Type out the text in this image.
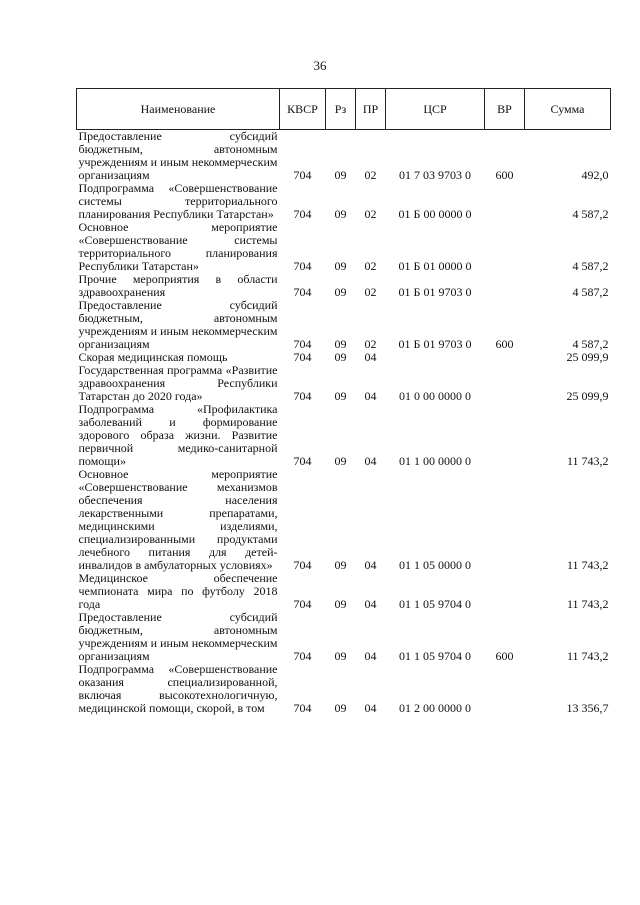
36
Наименование	КВСР	Рз	ПР	ЦСР	ВР	Сумма
Предоставление субсидий бюджетным, автономным учреждениям и иным некоммерческим организациям	704	09	02	01 7 03 9703 0	600	492,0
Подпрограмма «Совершенствование системы территориального планирования Республики Татарстан»	704	09	02	01 Б 00 0000 0		4 587,2
Основное мероприятие «Совершенствование системы территориального планирования Республики Татарстан»	704	09	02	01 Б 01 0000 0		4 587,2
Прочие мероприятия в области здравоохранения	704	09	02	01 Б 01 9703 0		4 587,2
Предоставление субсидий бюджетным, автономным учреждениям и иным некоммерческим организациям	704	09	02	01 Б 01 9703 0	600	4 587,2
Скорая медицинская помощь	704	09	04			25 099,9
Государственная программа «Развитие здравоохранения Республики Татарстан до 2020 года»	704	09	04	01 0 00 0000 0		25 099,9
Подпрограмма «Профилактика заболеваний и формирование здорового образа жизни. Развитие первичной медико-санитарной помощи»	704	09	04	01 1 00 0000 0		11 743,2
Основное мероприятие «Совершенствование механизмов обеспечения населения лекарственными препаратами, медицинскими изделиями, специализированными продуктами лечебного питания для детей-инвалидов в амбулаторных условиях»	704	09	04	01 1 05 0000 0		11 743,2
Медицинское обеспечение чемпионата мира по футболу 2018 года	704	09	04	01 1 05 9704 0		11 743,2
Предоставление субсидий бюджетным, автономным учреждениям и иным некоммерческим организациям	704	09	04	01 1 05 9704 0	600	11 743,2
Подпрограмма «Совершенствование оказания специализированной, включая высокотехнологичную, медицинской помощи, скорой, в том	704	09	04	01 2 00 0000 0		13 356,7
